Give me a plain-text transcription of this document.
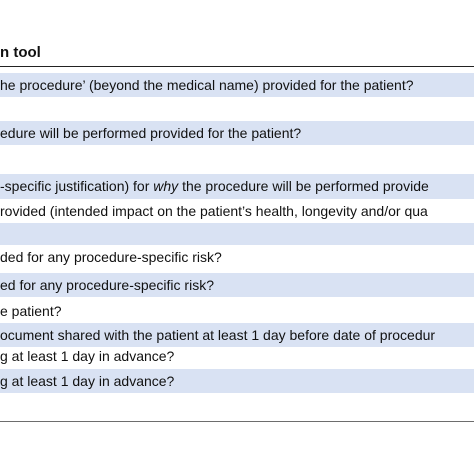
n tool
he procedure’ (beyond the medical name) provided for the patient?
edure will be performed provided for the patient?
-specific justification) for why the procedure will be performed provide
rovided (intended impact on the patient’s health, longevity and/or qua
ded for any procedure-specific risk?
ed for any procedure-specific risk?
e patient?
ocument shared with the patient at least 1 day before date of procedur
g at least 1 day in advance?
g at least 1 day in advance?
